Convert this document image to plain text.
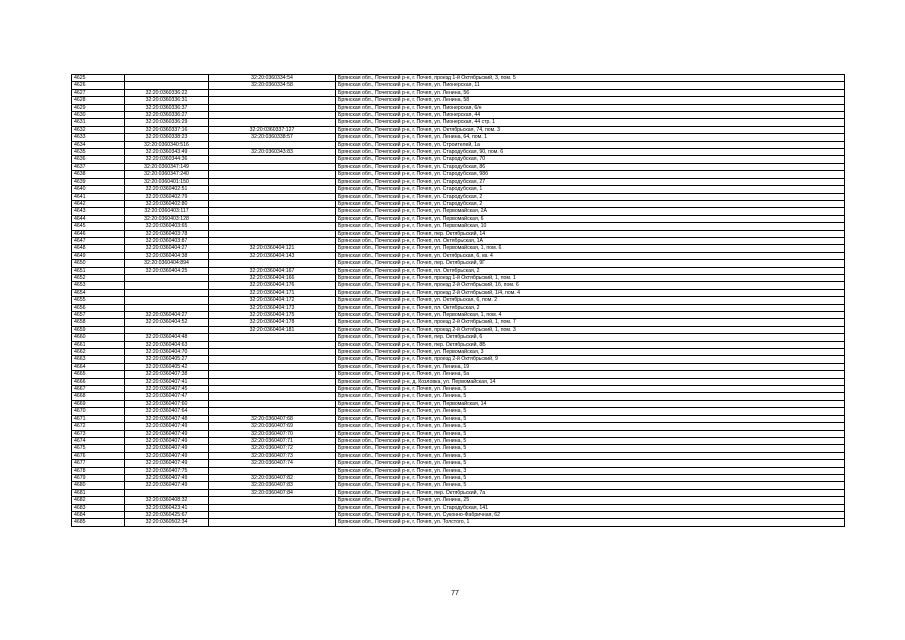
4625		32:20:0360334:54	Брянская обл., Почепский р-н, г. Почеп, проезд 1-й Октябрьский, 3, пом. 5
4626		32:20:0360334:58	Брянская обл., Почепский р-н, г. Почеп, ул. Пионерская, 11
4627	32:20:0360336:22		Брянская обл., Почепский р-н, г. Почеп, ул. Ленина, 56
4628	32:20:0360336:31		Брянская обл., Почепский р-н, г. Почеп, ул. Ленина, 58
4629	32:20:0360336:37		Брянская обл., Почепский р-н, г. Почеп, ул. Пионерская, 6/н
4630	32:20:0360336:27		Брянская обл., Почепский р-н, г. Почеп, ул. Пионерская, 44
4631	32:20:0360336:29		Брянская обл., Почепский р-н, г. Почеп, ул. Пионерская, 44 стр. 1
4632	32:20:0360337:16	32:20:0360337:127	Брянская обл., Почепский р-н, г. Почеп, ул. Октябрьская, 74, пом. 3
4633	32:20:0360338:23	32:20:0360338:57	Брянская обл., Почепский р-н, г. Почеп, ул. Ленина, 64, пом. 1
4634	32:20:0360340:516		Брянская обл., Почепский р-н, г. Почеп, ул. Строителей, 1а
4635	32:20:0360343:49	32:20:0360343:83	Брянская обл., Почепский р-н, г. Почеп, ул. Стародубская, 90, пом. 6
4636	32:20:0360344:36		Брянская обл., Почепский р-н, г. Почеп, ул. Стародубская, 70
4637	32:20:0360347:149		Брянская обл., Почепский р-н, г. Почеп, ул. Стародубская, 86
4638	32:20:0360347:240		Брянская обл., Почепский р-н, г. Почеп, ул. Стародубская, 98б
4639	32:20:0360401:150		Брянская обл., Почепский р-н, г. Почеп, ул. Стародубская, 27
4640	32:20:0360402:51		Брянская обл., Почепский р-н, г. Почеп, ул. Стародубская, 1
4641	32:20:0360402:79		Брянская обл., Почепский р-н, г. Почеп, ул. Стародубская, 2
4642	32:20:0360402:80		Брянская обл., Почепский р-н, г. Почеп, ул. Стародубская, 2
4643	32:20:0360403:117		Брянская обл., Почепский р-н, г. Почеп, ул. Первомайская, 2А
4644	32:20:0360403:128		Брянская обл., Почепский р-н, г. Почеп, ул. Первомайская, 6
4645	32:20:0360403:65		Брянская обл., Почепский р-н, г. Почеп, ул. Первомайская, 10
4646	32:20:0360403:78		Брянская обл., Почепский р-н, г. Почеп, пер. Октябрьский, 14
4647	32:20:0360403:87		Брянская обл., Почепский р-н, г. Почеп, пл. Октябрьская, 1А
4648	32:20:0360404:27	32:20:0360404:121	Брянская обл., Почепский р-н, г. Почеп, ул. Первомайская, 1, пом. 6
4649	32:20:0360404:38	32:20:0360404:143	Брянская обл., Почепский р-н, г. Почеп, ул. Октябрьская, 6, кв. 4
4650	32:20:0360404:894		Брянская обл., Почепский р-н, г. Почеп, пер. Октябрьский, 9Г
4651	32:20:0360404:25	32:20:0360404:167	Брянская обл., Почепский р-н, г. Почеп, пл. Октябрьская, 2
4652		32:20:0360404:166	Брянская обл., Почепский р-н, г. Почеп, проезд 1-й Октябрьский, 1, пом. 1
4653		32:20:0360404:176	Брянская обл., Почепский р-н, г. Почеп, проезд 2-й Октябрьский, 1б, пом. 6
4654		32:20:0360404:171	Брянская обл., Почепский р-н, г. Почеп, проезд 2-й Октябрьский, 1/4, пом. 4
4655		32:20:0360404:172	Брянская обл., Почепский р-н, г. Почеп, ул. Октябрьская, 6, пом. 2
4656		32:20:0360404:173	Брянская обл., Почепский р-н, г. Почеп, пл. Октябрьская, 2
4657	32:20:0360404:27	32:20:0360404:175	Брянская обл., Почепский р-н, г. Почеп, ул. Первомайская, 1, пом. 4
4658	32:20:0360404:52	32:20:0360404:178	Брянская обл., Почепский р-н, г. Почеп, проезд 2-й Октябрьский, 1, пом. 7
4659		32:20:0360404:181	Брянская обл., Почепский р-н, г. Почеп, проезд 2-й Октябрьский, 1, пом. 3
4660	32:20:0360404:48		Брянская обл., Почепский р-н, г. Почеп, пер. Октябрьский, 6
4661	32:20:0360404:63		Брянская обл., Почепский р-н, г. Почеп, пер. Октябрьский, 8Б
4662	32:20:0360404:70		Брянская обл., Почепский р-н, г. Почеп, ул. Первомайская, 3
4663	32:20:0360405:27		Брянская обл., Почепский р-н, г. Почеп, проезд 2-й Октябрьский, 9
4664	32:20:0360405:42		Брянская обл., Почепский р-н, г. Почеп, ул. Ленина, 19
4665	32:20:0360407:38		Брянская обл., Почепский р-н, г. Почеп, ул. Ленина, 5а
4666	32:20:0360407:41		Брянская обл., Почепский р-н, д. Козловка, ул. Первомайская, 14
4667	32:20:0360407:45		Брянская обл., Почепский р-н, г. Почеп, ул. Ленина, 5
4668	32:20:0360407:47		Брянская обл., Почепский р-н, г. Почеп, ул. Ленина, 5
4669	32:20:0360407:60		Брянская обл., Почепский р-н, г. Почеп, ул. Первомайская, 14
4670	32:20:0360407:64		Брянская обл., Почепский р-н, г. Почеп, ул. Ленина, 5
4671	32:20:0360407:48	32:20:0360407:68	Брянская обл., Почепский р-н, г. Почеп, ул. Ленина, 5
4672	32:20:0360407:49	32:20:0360407:69	Брянская обл., Почепский р-н, г. Почеп, ул. Ленина, 5
4673	32:20:0360407:49	32:20:0360407:70	Брянская обл., Почепский р-н, г. Почеп, ул. Ленина, 5
4674	32:20:0360407:49	32:20:0360407:71	Брянская обл., Почепский р-н, г. Почеп, ул. Ленина, 5
4675	32:20:0360407:49	32:20:0360407:72	Брянская обл., Почепский р-н, г. Почеп, ул. Ленина, 5
4676	32:20:0360407:49	32:20:0360407:73	Брянская обл., Почепский р-н, г. Почеп, ул. Ленина, 5
4677	32:20:0360407:49	32:20:0360407:74	Брянская обл., Почепский р-н, г. Почеп, ул. Ленина, 5
4678	32:20:0360407:75		Брянская обл., Почепский р-н, г. Почеп, ул. Ленина, 3
4679	32:20:0360407:49	32:20:0360407:82	Брянская обл., Почепский р-н, г. Почеп, ул. Ленина, 5
4680	32:20:0360407:49	32:20:0360407:83	Брянская обл., Почепский р-н, г. Почеп, ул. Ленина, 5
4681		32:20:0360407:84	Брянская обл., Почепский р-н, г. Почеп, пер. Октябрьский, 7а
4682	32:20:0360408:32		Брянская обл., Почепский р-н, г. Почеп, ул. Ленина, 25
4683	32:20:0360423:41		Брянская обл., Почепский р-н, г. Почеп, ул. Стародубская, 141
4684	32:20:0360425:67		Брянская обл., Почепский р-н, г. Почеп, ул. Суконно-Фабричная, 62
4685	32:20:0360502:34		Брянская обл., Почепский р-н, г. Почеп, ул. Толстого, 1
77
